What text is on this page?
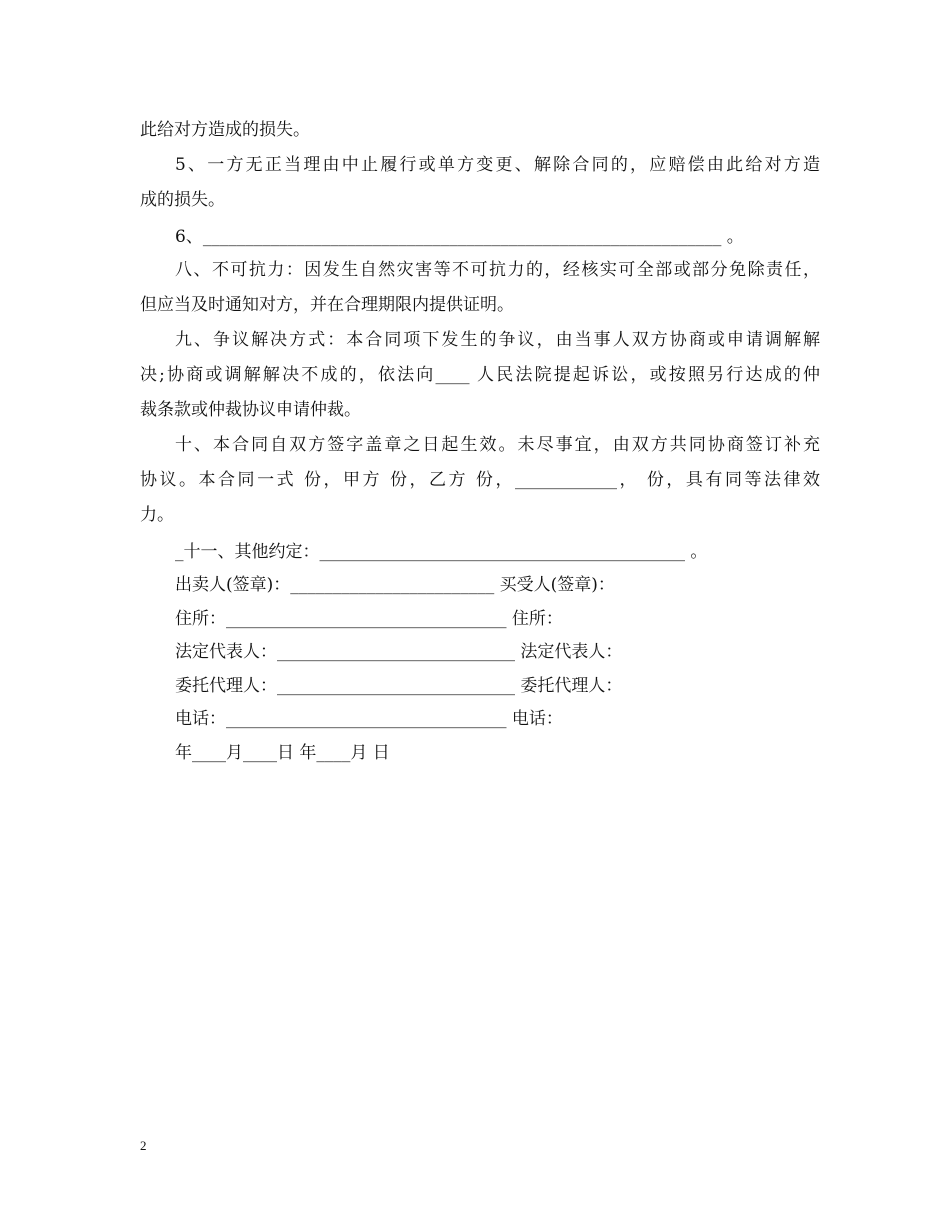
此给对方造成的损失。
5、一方无正当理由中止履行或单方变更、解除合同的，应赔偿由此给对方造
成的损失。
6、_____________________________________________________________ 。
八、不可抗力：因发生自然灾害等不可抗力的，经核实可全部或部分免除责任，
但应当及时通知对方，并在合理期限内提供证明。
九、争议解决方式：本合同项下发生的争议，由当事人双方协商或申请调解解
决;协商或调解解决不成的，依法向____ 人民法院提起诉讼，或按照另行达成的仲
裁条款或仲裁协议申请仲裁。
十、本合同自双方签字盖章之日起生效。未尽事宜，由双方共同协商签订补充
协议。本合同一式 份，甲方 份，乙方 份，____________， 份，具有同等法律效
力。
_十一、其他约定：___________________________________________ 。
出卖人(签章)：________________________ 买受人(签章)：
住所：_________________________________ 住所：
法定代表人：____________________________ 法定代表人：
委托代理人：____________________________ 委托代理人：
电话：_________________________________ 电话：
年____月____日 年____月 日
2
